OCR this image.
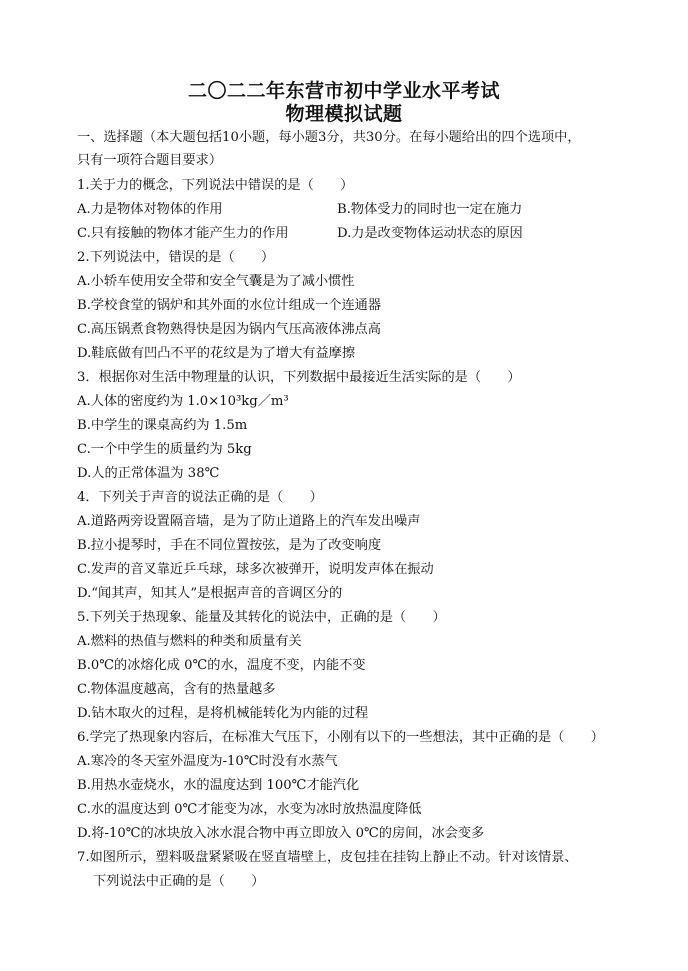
二〇二二年东营市初中学业水平考试
物理模拟试题
一、选择题（本大题包括10小题，每小题3分，共30分。在每小题给出的四个选项中，
只有一项符合题目要求）
1.关于力的概念，下列说法中错误的是（　　）
A.力是物体对物体的作用	B.物体受力的同时也一定在施力
C.只有接触的物体才能产生力的作用	D.力是改变物体运动状态的原因
2.下列说法中，错误的是（　　）
A.小轿车使用安全带和安全气囊是为了减小惯性
B.学校食堂的锅炉和其外面的水位计组成一个连通器
C.高压锅煮食物熟得快是因为锅内气压高液体沸点高
D.鞋底做有凹凸不平的花纹是为了增大有益摩擦
3．根据你对生活中物理量的认识，下列数据中最接近生活实际的是（　　）
A.人体的密度约为 1.0×10³kg／m³
B.中学生的课桌高约为 1.5m
C.一个中学生的质量约为 5kg
D.人的正常体温为 38℃
4．下列关于声音的说法正确的是（　　）
A.道路两旁设置隔音墙，是为了防止道路上的汽车发出噪声
B.拉小提琴时，手在不同位置按弦，是为了改变响度
C.发声的音叉靠近乒乓球，球多次被弹开，说明发声体在振动
D.“闻其声，知其人”是根据声音的音调区分的
5.下列关于热现象、能量及其转化的说法中，正确的是（　　）
A.燃料的热值与燃料的种类和质量有关
B.0℃的冰熔化成 0℃的水，温度不变，内能不变
C.物体温度越高，含有的热量越多
D.钻木取火的过程，是将机械能转化为内能的过程
6.学完了热现象内容后，在标准大气压下，小刚有以下的一些想法，其中正确的是（　　）
A.寒冷的冬天室外温度为-10℃时没有水蒸气
B.用热水壶烧水，水的温度达到 100℃才能汽化
C.水的温度达到 0℃才能变为冰，水变为冰时放热温度降低
D.将-10℃的冰块放入冰水混合物中再立即放入 0℃的房间，冰会变多
7.如图所示，塑料吸盘紧紧吸在竖直墙壁上，皮包挂在挂钩上静止不动。针对该情景、
下列说法中正确的是（　　）
